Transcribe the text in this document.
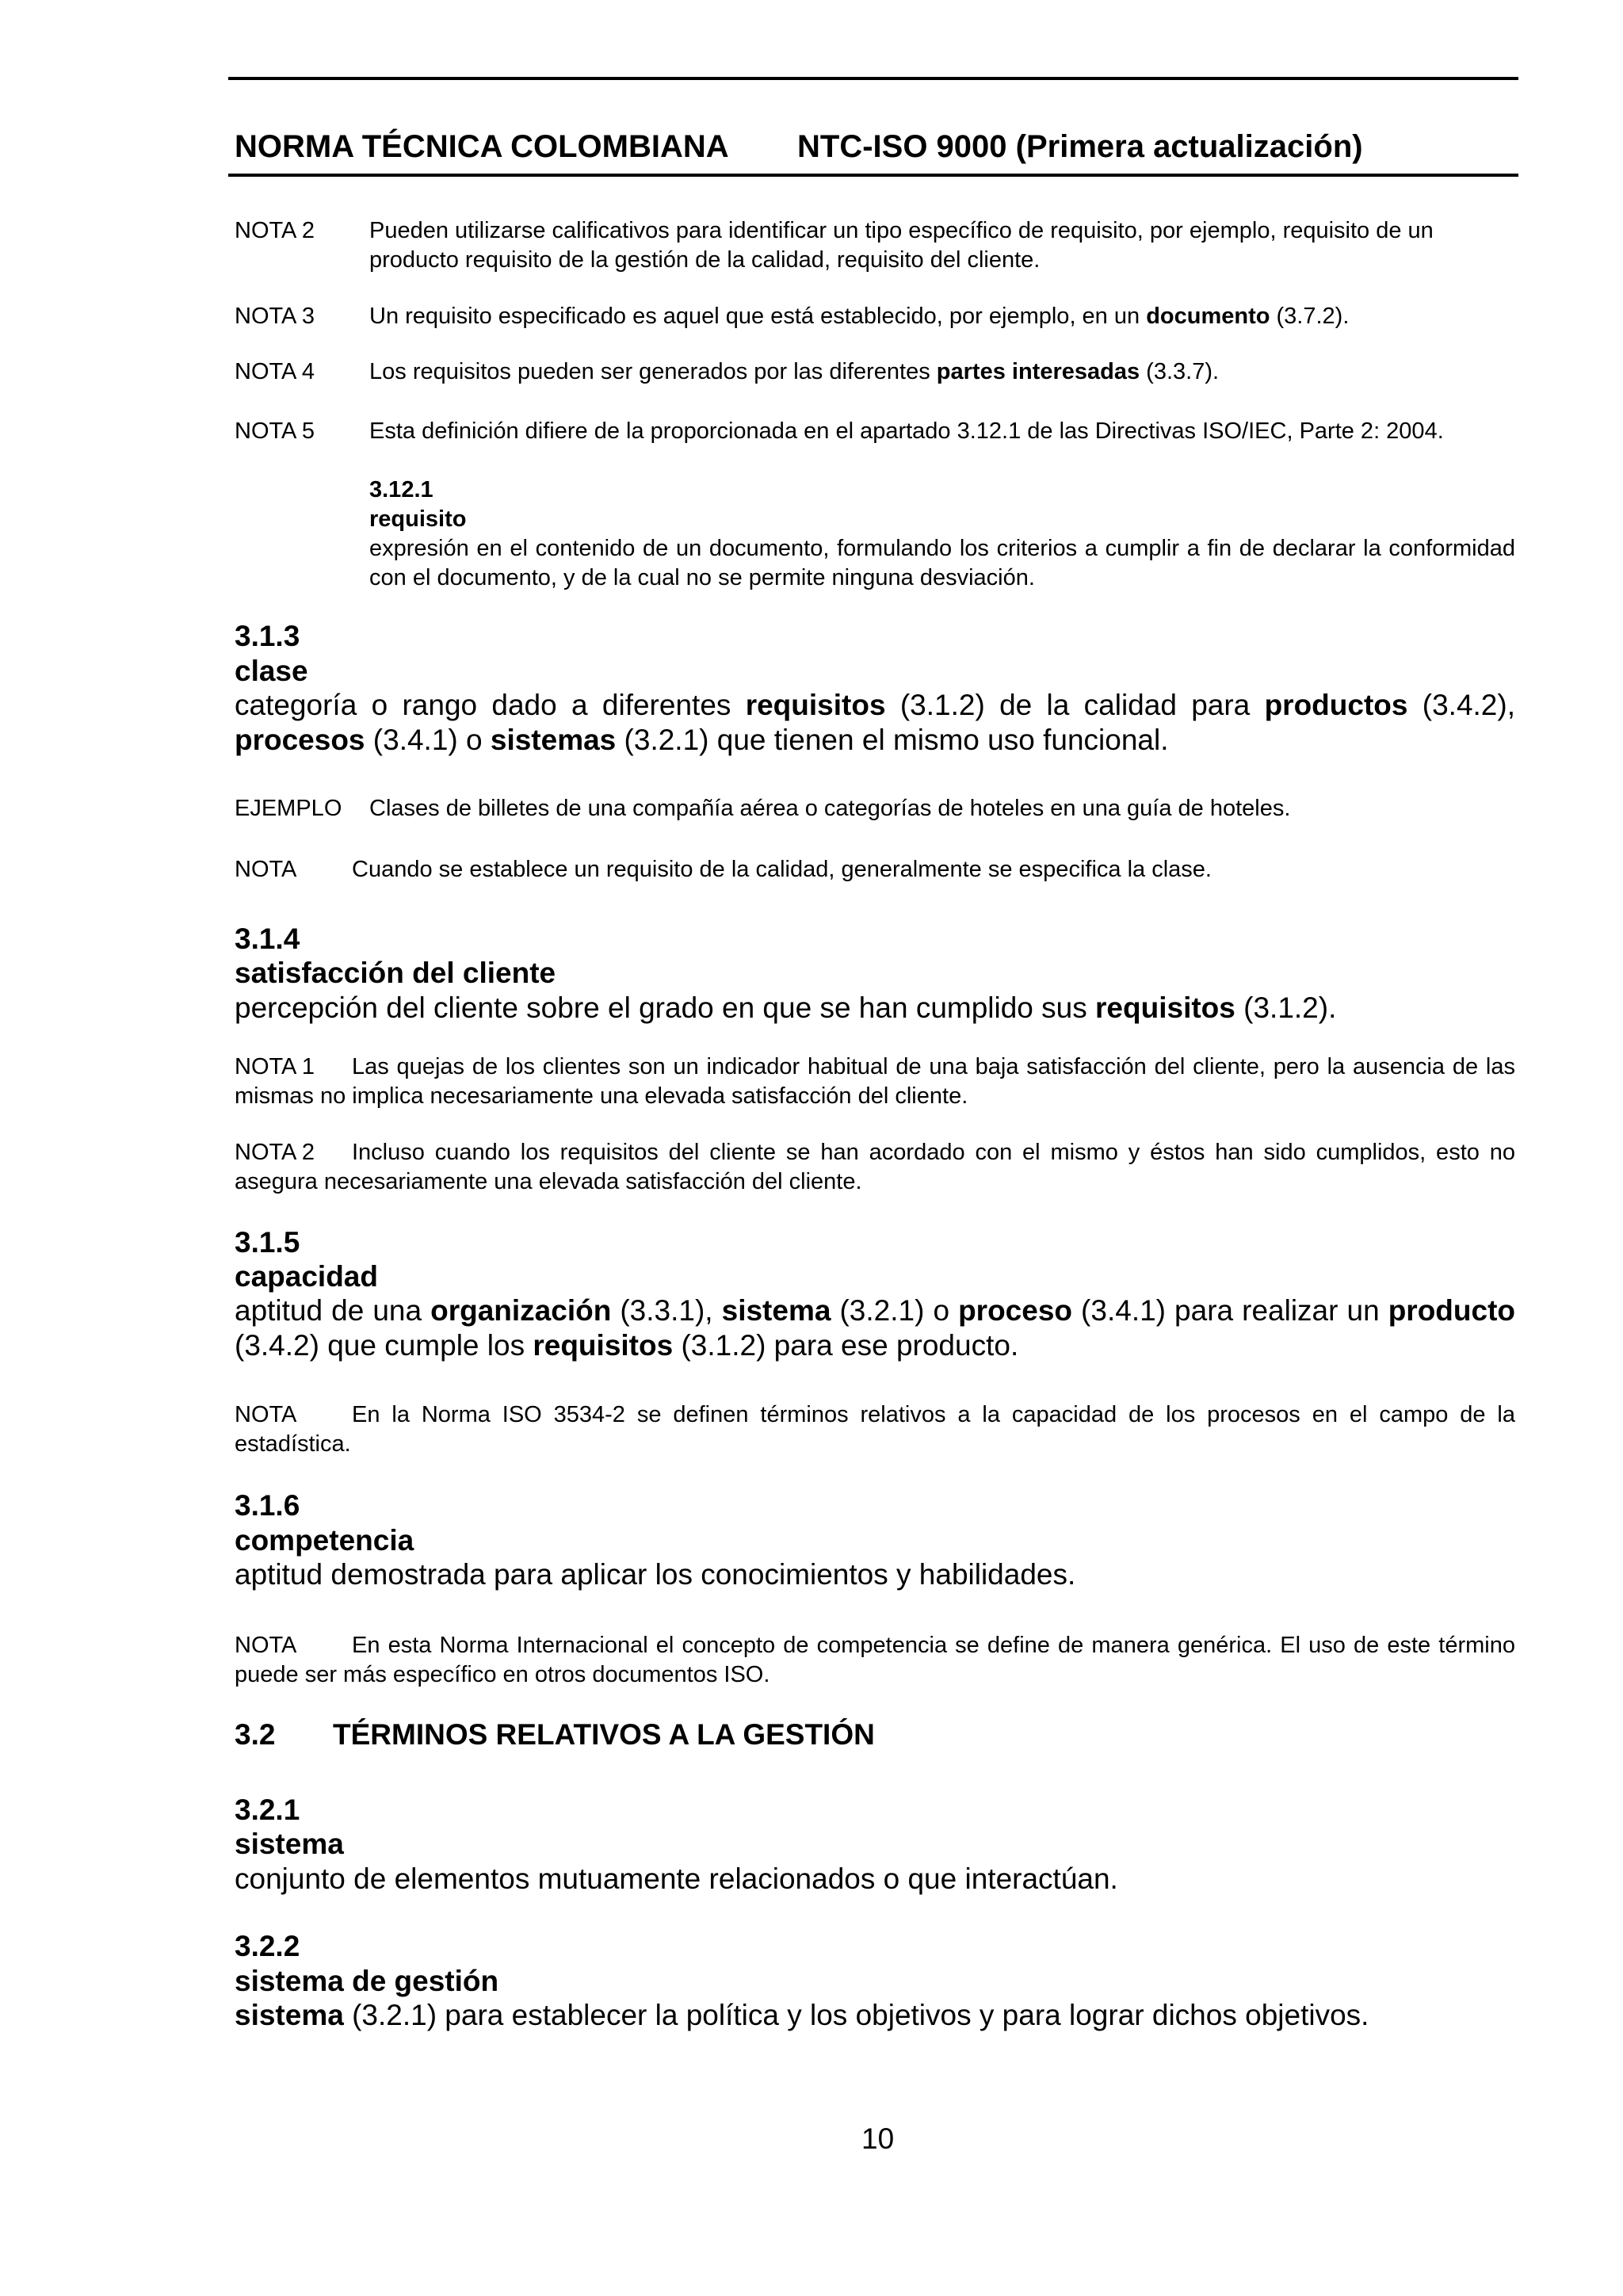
NORMA TÉCNICA COLOMBIANA NTC-ISO 9000 (Primera actualización)
NOTA 2 Pueden utilizarse calificativos para identificar un tipo específico de requisito, por ejemplo, requisito de un
producto requisito de la gestión de la calidad, requisito del cliente.
NOTA 3 Un requisito especificado es aquel que está establecido, por ejemplo, en un documento (3.7.2).
NOTA 4 Los requisitos pueden ser generados por las diferentes partes interesadas (3.3.7).
NOTA 5 Esta definición difiere de la proporcionada en el apartado 3.12.1 de las Directivas ISO/IEC, Parte 2: 2004.
3.12.1
requisito
expresión en el contenido de un documento, formulando los criterios a cumplir a fin de declarar la conformidad con el documento, y de la cual no se permite ninguna desviación.
3.1.3
clase
categoría o rango dado a diferentes requisitos (3.1.2) de la calidad para productos (3.4.2), procesos (3.4.1) o sistemas (3.2.1) que tienen el mismo uso funcional.
EJEMPLO Clases de billetes de una compañía aérea o categorías de hoteles en una guía de hoteles.
NOTA Cuando se establece un requisito de la calidad, generalmente se especifica la clase.
3.1.4
satisfacción del cliente
percepción del cliente sobre el grado en que se han cumplido sus requisitos (3.1.2).
NOTA 1 Las quejas de los clientes son un indicador habitual de una baja satisfacción del cliente, pero la ausencia de las mismas no implica necesariamente una elevada satisfacción del cliente.
NOTA 2 Incluso cuando los requisitos del cliente se han acordado con el mismo y éstos han sido cumplidos, esto no asegura necesariamente una elevada satisfacción del cliente.
3.1.5
capacidad
aptitud de una organización (3.3.1), sistema (3.2.1) o proceso (3.4.1) para realizar un producto (3.4.2) que cumple los requisitos (3.1.2) para ese producto.
NOTA En la Norma ISO 3534-2 se definen términos relativos a la capacidad de los procesos en el campo de la estadística.
3.1.6
competencia
aptitud demostrada para aplicar los conocimientos y habilidades.
NOTA En esta Norma Internacional el concepto de competencia se define de manera genérica. El uso de este término puede ser más específico en otros documentos ISO.
3.2 TÉRMINOS RELATIVOS A LA GESTIÓN
3.2.1
sistema
conjunto de elementos mutuamente relacionados o que interactúan.
3.2.2
sistema de gestión
sistema (3.2.1) para establecer la política y los objetivos y para lograr dichos objetivos.
10
